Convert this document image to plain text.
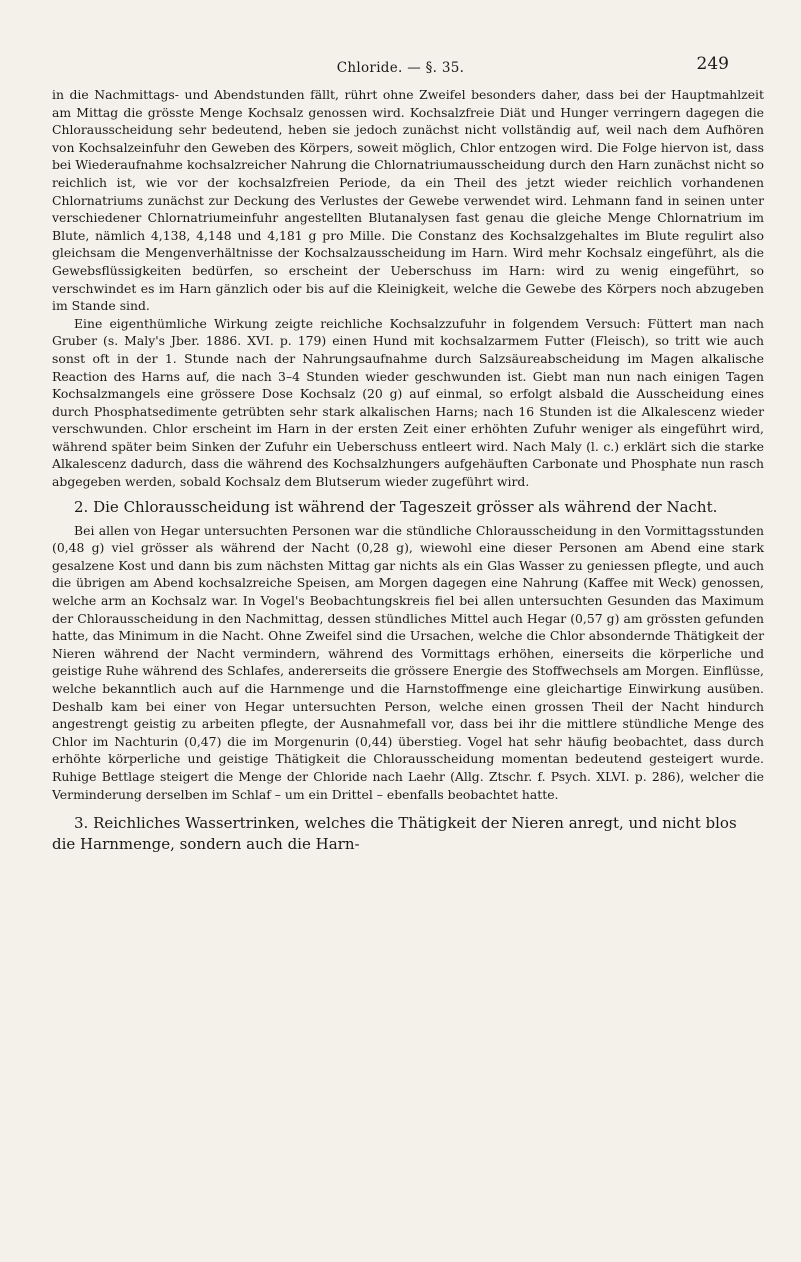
Chloride. — §. 35.	249

in die Nachmittags- und Abendstunden fällt, rührt ohne Zweifel besonders daher, dass bei der Hauptmahlzeit am Mittag die grösste Menge Kochsalz genossen wird. Kochsalzfreie Diät und Hunger verringern dagegen die Chlorausscheidung sehr bedeutend, heben sie jedoch zunächst nicht vollständig auf, weil nach dem Aufhören von Kochsalzeinfuhr den Geweben des Körpers, soweit möglich, Chlor entzogen wird. Die Folge hiervon ist, dass bei Wiederaufnahme kochsalzreicher Nahrung die Chlornatriumausscheidung durch den Harn zunächst nicht so reichlich ist, wie vor der kochsalzfreien Periode, da ein Theil des jetzt wieder reichlich vorhandenen Chlornatriums zunächst zur Deckung des Verlustes der Gewebe verwendet wird. Lehmann fand in seinen unter verschiedener Chlornatriumeinfuhr angestellten Blutanalysen fast genau die gleiche Menge Chlornatrium im Blute, nämlich 4,138, 4,148 und 4,181 g pro Mille. Die Constanz des Kochsalzgehaltes im Blute regulirt also gleichsam die Mengenverhältnisse der Kochsalzausscheidung im Harn. Wird mehr Kochsalz eingeführt, als die Gewebsflüssigkeiten bedürfen, so erscheint der Ueberschuss im Harn: wird zu wenig eingeführt, so verschwindet es im Harn gänzlich oder bis auf die Kleinigkeit, welche die Gewebe des Körpers noch abzugeben im Stande sind.

Eine eigenthümliche Wirkung zeigte reichliche Kochsalzzufuhr in folgendem Versuch: Füttert man nach Gruber (s. Maly's Jber. 1886. XVI. p. 179) einen Hund mit kochsalzarmem Futter (Fleisch), so tritt wie auch sonst oft in der 1. Stunde nach der Nahrungsaufnahme durch Salzsäureabscheidung im Magen alkalische Reaction des Harns auf, die nach 3–4 Stunden wieder geschwunden ist. Giebt man nun nach einigen Tagen Kochsalzmangels eine grössere Dose Kochsalz (20 g) auf einmal, so erfolgt alsbald die Ausscheidung eines durch Phosphatsedimente getrübten sehr stark alkalischen Harns; nach 16 Stunden ist die Alkalescenz wieder verschwunden. Chlor erscheint im Harn in der ersten Zeit einer erhöhten Zufuhr weniger als eingeführt wird, während später beim Sinken der Zufuhr ein Ueberschuss entleert wird. Nach Maly (l. c.) erklärt sich die starke Alkalescenz dadurch, dass die während des Kochsalzhungers aufgehäuften Carbonate und Phosphate nun rasch abgegeben werden, sobald Kochsalz dem Blutserum wieder zugeführt wird.

2. Die Chlorausscheidung ist während der Tageszeit grösser als während der Nacht.

Bei allen von Hegar untersuchten Personen war die stündliche Chlorausscheidung in den Vormittagsstunden (0,48 g) viel grösser als während der Nacht (0,28 g), wiewohl eine dieser Personen am Abend eine stark gesalzene Kost und dann bis zum nächsten Mittag gar nichts als ein Glas Wasser zu geniessen pflegte, und auch die übrigen am Abend kochsalzreiche Speisen, am Morgen dagegen eine Nahrung (Kaffee mit Weck) genossen, welche arm an Kochsalz war. In Vogel's Beobachtungskreis fiel bei allen untersuchten Gesunden das Maximum der Chlorausscheidung in den Nachmittag, dessen stündliches Mittel auch Hegar (0,57 g) am grössten gefunden hatte, das Minimum in die Nacht. Ohne Zweifel sind die Ursachen, welche die Chlor absondernde Thätigkeit der Nieren während der Nacht vermindern, während des Vormittags erhöhen, einerseits die körperliche und geistige Ruhe während des Schlafes, andererseits die grössere Energie des Stoffwechsels am Morgen. Einflüsse, welche bekanntlich auch auf die Harnmenge und die Harnstoffmenge eine gleichartige Einwirkung ausüben. Deshalb kam bei einer von Hegar untersuchten Person, welche einen grossen Theil der Nacht hindurch angestrengt geistig zu arbeiten pflegte, der Ausnahmefall vor, dass bei ihr die mittlere stündliche Menge des Chlor im Nachturin (0,47) die im Morgenurin (0,44) überstieg. Vogel hat sehr häufig beobachtet, dass durch erhöhte körperliche und geistige Thätigkeit die Chlorausscheidung momentan bedeutend gesteigert wurde. Ruhige Bettlage steigert die Menge der Chloride nach Laehr (Allg. Ztschr. f. Psych. XLVI. p. 286), welcher die Verminderung derselben im Schlaf – um ein Drittel – ebenfalls beobachtet hatte.

3. Reichliches Wassertrinken, welches die Thätigkeit der Nieren anregt, und nicht blos die Harnmenge, sondern auch die Harn-
